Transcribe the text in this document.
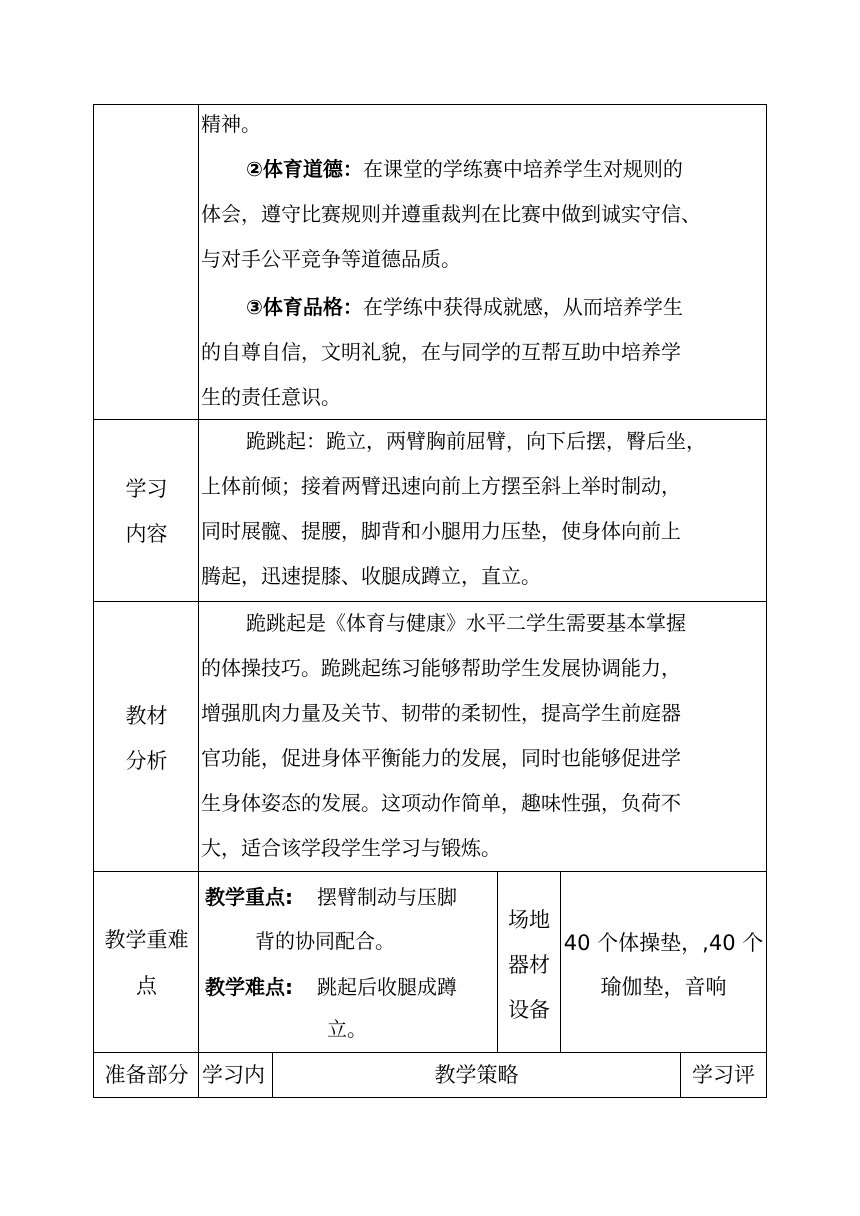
精神。
②体育道德：在课堂的学练赛中培养学生对规则的
体会，遵守比赛规则并遵重裁判在比赛中做到诚实守信、
与对手公平竞争等道德品质。
③体育品格：在学练中获得成就感，从而培养学生
的自尊自信，文明礼貌，在与同学的互帮互助中培养学
生的责任意识。
学习
内容
跪跳起：跪立，两臂胸前屈臂，向下后摆，臀后坐，
上体前倾；接着两臂迅速向前上方摆至斜上举时制动，
同时展髋、提腰，脚背和小腿用力压垫，使身体向前上
腾起，迅速提膝、收腿成蹲立，直立。
教材
分析
跪跳起是《体育与健康》水平二学生需要基本掌握
的体操技巧。跪跳起练习能够帮助学生发展协调能力，
增强肌肉力量及关节、韧带的柔韧性，提高学生前庭器
官功能，促进身体平衡能力的发展，同时也能够促进学
生身体姿态的发展。这项动作简单，趣味性强，负荷不
大，适合该学段学生学习与锻炼。
教学重难
点
教学重点: 摆臂制动与压脚
背的协同配合。
教学难点: 跳起后收腿成蹲
立。
场地
器材
设备
40 个体操垫，,40 个
瑜伽垫，音响
准备部分 学习内	教学策略	学习评
